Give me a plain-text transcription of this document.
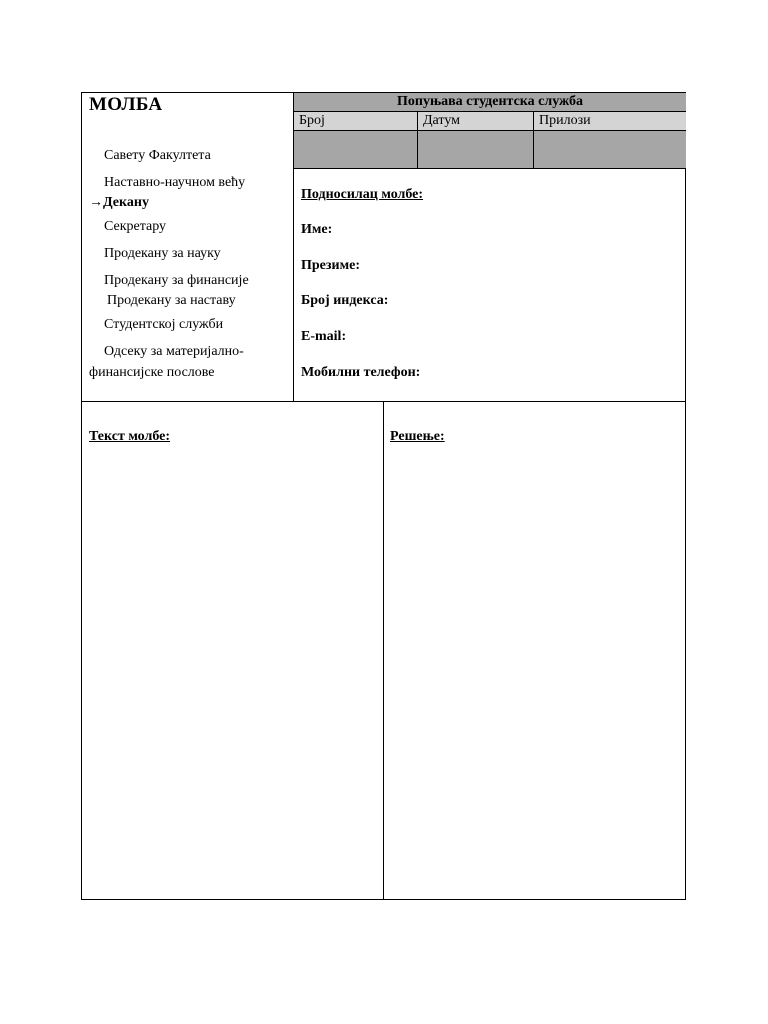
МОЛБА
Савету Факултета
Наставно-научном већу
→Декану
Секретару
Продекану за науку
Продекану за финансије
Продекану за наставу
Студентској служби
Одсеку за материјално-
финансијске послове
Попуњава студентска служба
Број	Датум	Прилози
Подносилац молбе:
Име:
Презиме:
Број индекса:
E-mail:
Мобилни телефон:
Текст молбе:	Решење:
